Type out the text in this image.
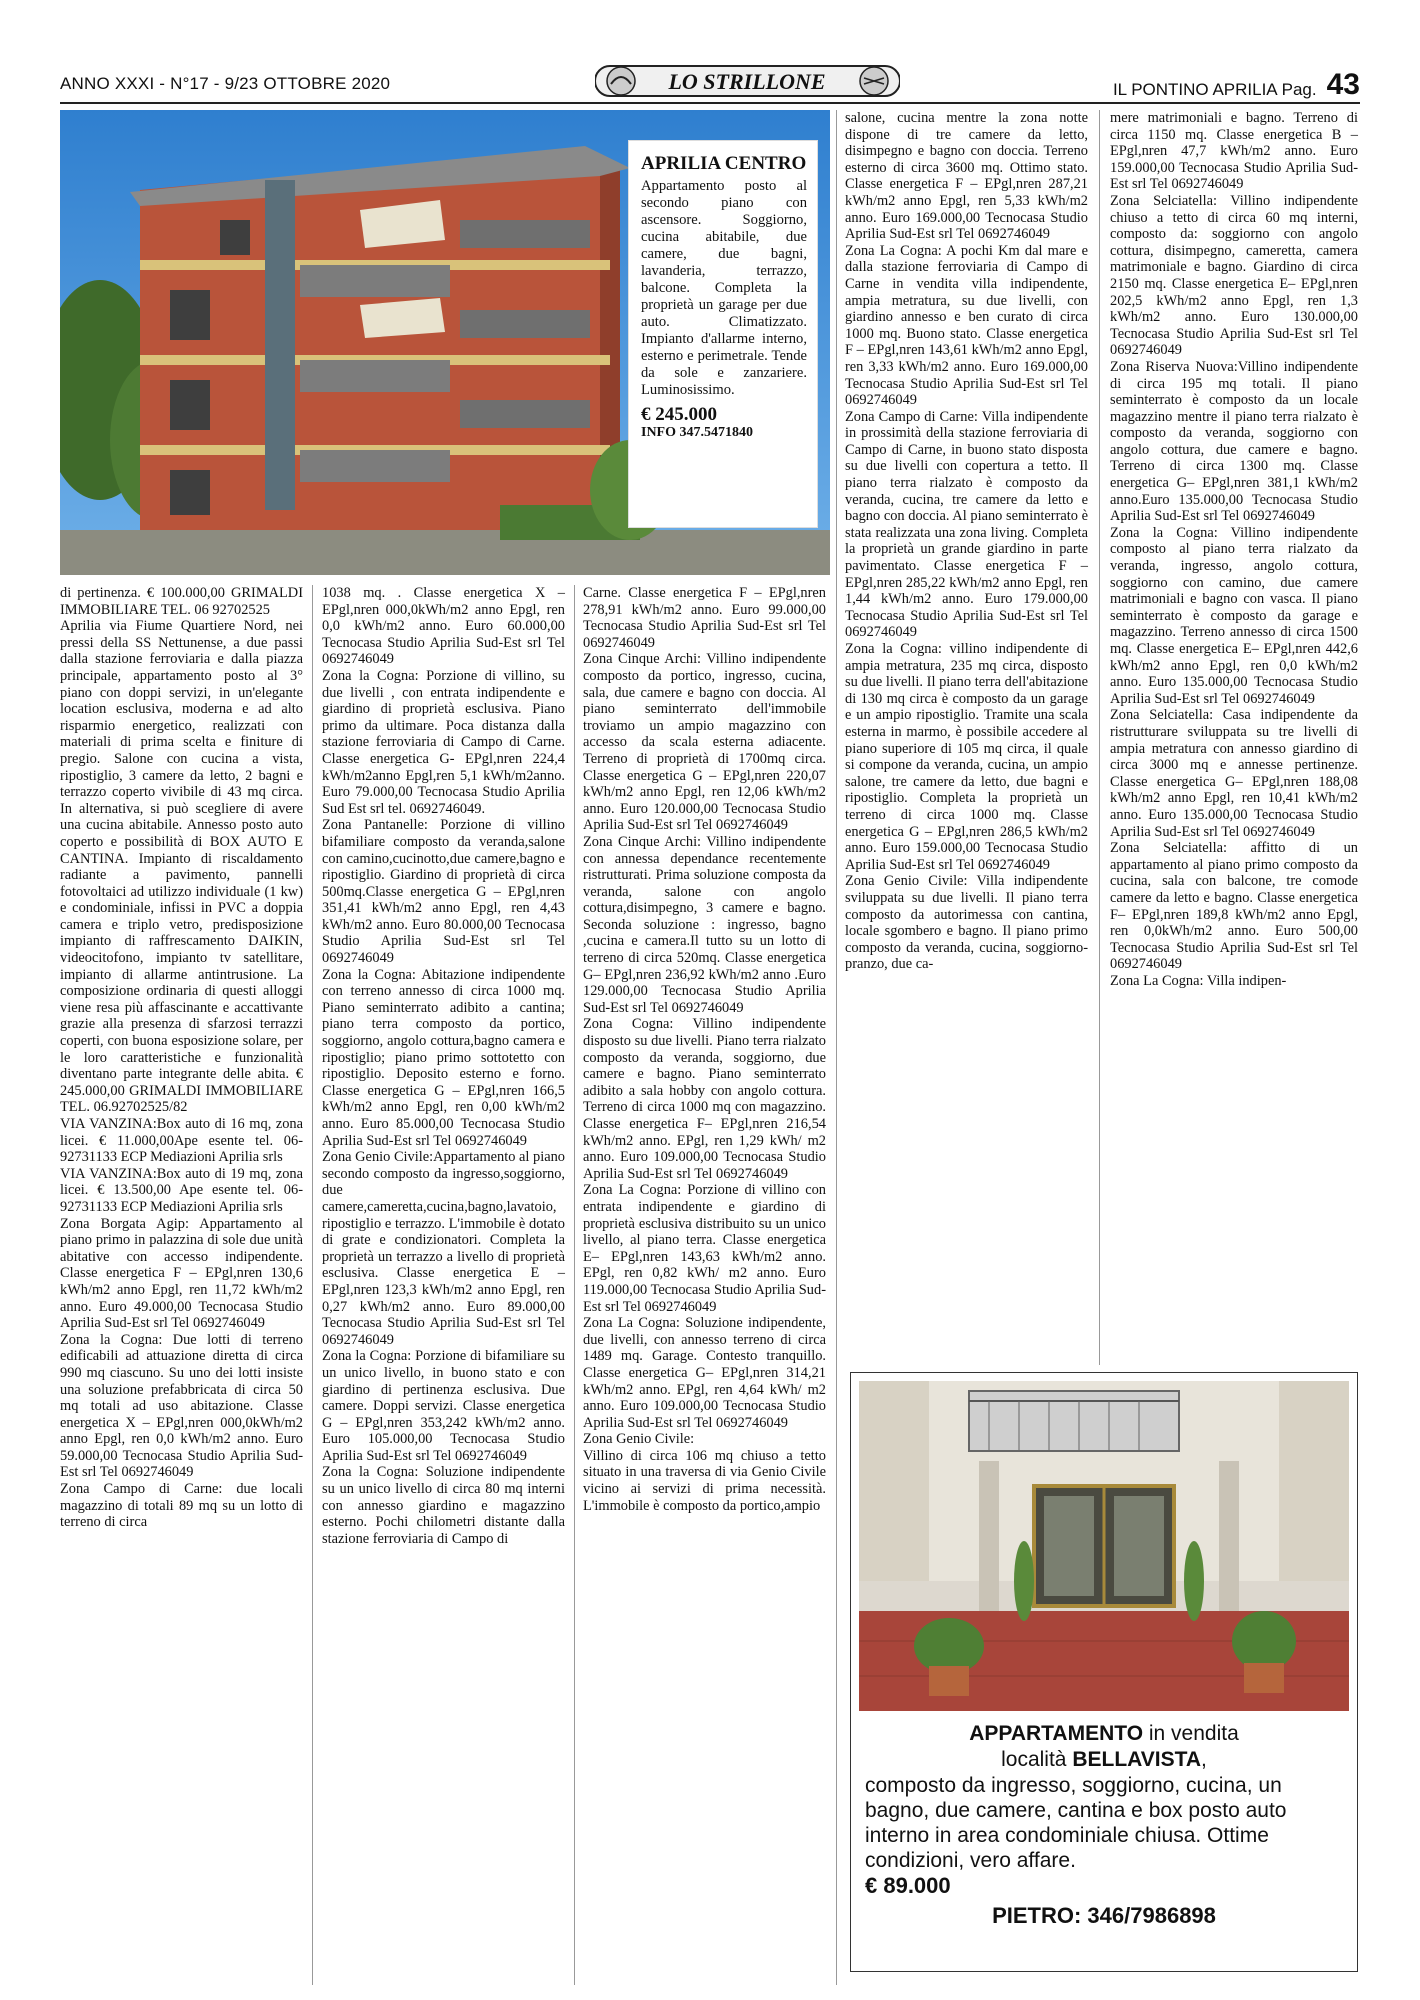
ANNO XXXI - N°17 - 9/23 OTTOBRE 2020	LO STRILLONE	IL PONTINO APRILIA Pag. 43
APRILIA CENTRO
Appartamento posto al secondo piano con ascensore. Soggiorno, cucina abitabile, due camere, due bagni, lavanderia, terrazzo, balcone. Completa la proprietà un garage per due auto. Climatizzato. Impianto d'allarme interno, esterno e perimetrale. Tende da sole e zanzariere. Luminosissimo.
€ 245.000
INFO 347.5471840

di pertinenza. € 100.000,00 GRIMALDI IMMOBILIARE TEL. 06 92702525

Aprilia via Fiume Quartiere Nord, nei pressi della SS Nettunense, a due passi dalla stazione ferroviaria e dalla piazza principale, appartamento posto al 3° piano con doppi servizi, in un'elegante location esclusiva, moderna e ad alto risparmio energetico, realizzati con materiali di prima scelta e finiture di pregio. Salone con cucina a vista, ripostiglio, 3 camere da letto, 2 bagni e terrazzo coperto vivibile di 43 mq circa. In alternativa, si può scegliere di avere una cucina abitabile. Annesso posto auto coperto e possibilità di BOX AUTO E CANTINA. Impianto di riscaldamento radiante a pavimento, pannelli fotovoltaici ad utilizzo individuale (1 kw) e condominiale, infissi in PVC a doppia camera e triplo vetro, predisposizione impianto di raffrescamento DAIKIN, videocitofono, impianto tv satellitare, impianto di allarme antintrusione. La composizione ordinaria di questi alloggi viene resa più affascinante e accattivante grazie alla presenza di sfarzosi terrazzi coperti, con buona esposizione solare, per le loro caratteristiche e funzionalità diventano parte integrante delle abita. € 245.000,00 GRIMALDI IMMOBILIARE TEL. 06.92702525/82

VIA VANZINA:Box auto di 16 mq, zona licei. € 11.000,00Ape esente tel. 06-92731133 ECP Mediazioni Aprilia srls

VIA VANZINA:Box auto di 19 mq, zona licei. € 13.500,00 Ape esente tel. 06-92731133 ECP Mediazioni Aprilia srls

Zona Borgata Agip: Appartamento al piano primo in palazzina di sole due unità abitative con accesso indipendente. Classe energetica F – EPgl,nren 130,6 kWh/m2 anno Epgl, ren 11,72 kWh/m2 anno. Euro 49.000,00 Tecnocasa Studio Aprilia Sud-Est srl Tel 0692746049

Zona la Cogna: Due lotti di terreno edificabili ad attuazione diretta di circa 990 mq ciascuno. Su uno dei lotti insiste una soluzione prefabbricata di circa 50 mq totali ad uso abitazione. Classe energetica X – EPgl,nren 000,0kWh/m2 anno Epgl, ren 0,0 kWh/m2 anno. Euro 59.000,00 Tecnocasa Studio Aprilia Sud-Est srl Tel 0692746049

Zona Campo di Carne: due locali magazzino di totali 89 mq su un lotto di terreno di circa

1038 mq. . Classe energetica X – EPgl,nren 000,0kWh/m2 anno Epgl, ren 0,0 kWh/m2 anno. Euro 60.000,00 Tecnocasa Studio Aprilia Sud-Est srl Tel 0692746049

Zona la Cogna: Porzione di villino, su due livelli , con entrata indipendente e giardino di proprietà esclusiva. Piano primo da ultimare. Poca distanza dalla stazione ferroviaria di Campo di Carne. Classe energetica G- EPgl,nren 224,4 kWh/m2anno Epgl,ren 5,1 kWh/m2anno. Euro 79.000,00 Tecnocasa Studio Aprilia Sud Est srl tel. 0692746049.

Zona Pantanelle: Porzione di villino bifamiliare composto da veranda,salone con camino,cucinotto,due camere,bagno e ripostiglio. Giardino di proprietà di circa 500mq.Classe energetica G – EPgl,nren 351,41 kWh/m2 anno Epgl, ren 4,43 kWh/m2 anno. Euro 80.000,00 Tecnocasa Studio Aprilia Sud-Est srl Tel 0692746049

Zona la Cogna: Abitazione indipendente con terreno annesso di circa 1000 mq. Piano seminterrato adibito a cantina; piano terra composto da portico, soggiorno, angolo cottura,bagno camera e ripostiglio; piano primo sottotetto con ripostiglio. Deposito esterno e forno. Classe energetica G – EPgl,nren 166,5 kWh/m2 anno Epgl, ren 0,00 kWh/m2 anno. Euro 85.000,00 Tecnocasa Studio Aprilia Sud-Est srl Tel 0692746049

Zona Genio Civile:Appartamento al piano secondo composto da ingresso,soggiorno, due camere,cameretta,cucina,bagno,lavatoio, ripostiglio e terrazzo. L'immobile è dotato di grate e condizionatori. Completa la proprietà un terrazzo a livello di proprietà esclusiva. Classe energetica E – EPgl,nren 123,3 kWh/m2 anno Epgl, ren 0,27 kWh/m2 anno. Euro 89.000,00 Tecnocasa Studio Aprilia Sud-Est srl Tel 0692746049

Zona la Cogna: Porzione di bifamiliare su un unico livello, in buono stato e con giardino di pertinenza esclusiva. Due camere. Doppi servizi. Classe energetica G – EPgl,nren 353,242 kWh/m2 anno. Euro 105.000,00 Tecnocasa Studio Aprilia Sud-Est srl Tel 0692746049

Zona la Cogna: Soluzione indipendente su un unico livello di circa 80 mq interni con annesso giardino e magazzino esterno. Pochi chilometri distante dalla stazione ferroviaria di Campo di

Carne. Classe energetica F – EPgl,nren 278,91 kWh/m2 anno. Euro 99.000,00 Tecnocasa Studio Aprilia Sud-Est srl Tel 0692746049

Zona Cinque Archi: Villino indipendente composto da portico, ingresso, cucina, sala, due camere e bagno con doccia. Al piano seminterrato dell'immobile troviamo un ampio magazzino con accesso da scala esterna adiacente. Terreno di proprietà di 1700mq circa. Classe energetica G – EPgl,nren 220,07 kWh/m2 anno Epgl, ren 12,06 kWh/m2 anno. Euro 120.000,00 Tecnocasa Studio Aprilia Sud-Est srl Tel 0692746049

Zona Cinque Archi: Villino indipendente con annessa dependance recentemente ristrutturati. Prima soluzione composta da veranda, salone con angolo cottura,disimpegno, 3 camere e bagno. Seconda soluzione : ingresso, bagno ,cucina e camera.Il tutto su un lotto di terreno di circa 520mq. Classe energetica G– EPgl,nren 236,92 kWh/m2 anno .Euro 129.000,00 Tecnocasa Studio Aprilia Sud-Est srl Tel 0692746049

Zona Cogna: Villino indipendente disposto su due livelli. Piano terra rialzato composto da veranda, soggiorno, due camere e bagno. Piano seminterrato adibito a sala hobby con angolo cottura. Terreno di circa 1000 mq con magazzino. Classe energetica F– EPgl,nren 216,54 kWh/m2 anno. EPgl, ren 1,29 kWh/ m2 anno. Euro 109.000,00 Tecnocasa Studio Aprilia Sud-Est srl Tel 0692746049

Zona La Cogna: Porzione di villino con entrata indipendente e giardino di proprietà esclusiva distribuito su un unico livello, al piano terra. Classe energetica E– EPgl,nren 143,63 kWh/m2 anno. EPgl, ren 0,82 kWh/ m2 anno. Euro 119.000,00 Tecnocasa Studio Aprilia Sud-Est srl Tel 0692746049

Zona La Cogna: Soluzione indipendente, due livelli, con annesso terreno di circa 1489 mq. Garage. Contesto tranquillo. Classe energetica G– EPgl,nren 314,21 kWh/m2 anno. EPgl, ren 4,64 kWh/ m2 anno. Euro 109.000,00 Tecnocasa Studio Aprilia Sud-Est srl Tel 0692746049

Zona Genio Civile:

Villino di circa 106 mq chiuso a tetto situato in una traversa di via Genio Civile vicino ai servizi di prima necessità. L'immobile è composto da portico,ampio

salone, cucina mentre la zona notte dispone di tre camere da letto, disimpegno e bagno con doccia. Terreno esterno di circa 3600 mq. Ottimo stato. Classe energetica F – EPgl,nren 287,21 kWh/m2 anno Epgl, ren 5,33 kWh/m2 anno. Euro 169.000,00 Tecnocasa Studio Aprilia Sud-Est srl Tel 0692746049

Zona La Cogna: A pochi Km dal mare e dalla stazione ferroviaria di Campo di Carne in vendita villa indipendente, ampia metratura, su due livelli, con giardino annesso e ben curato di circa 1000 mq. Buono stato. Classe energetica F – EPgl,nren 143,61 kWh/m2 anno Epgl, ren 3,33 kWh/m2 anno. Euro 169.000,00 Tecnocasa Studio Aprilia Sud-Est srl Tel 0692746049

Zona Campo di Carne: Villa indipendente in prossimità della stazione ferroviaria di Campo di Carne, in buono stato disposta su due livelli con copertura a tetto. Il piano terra rialzato è composto da veranda, cucina, tre camere da letto e bagno con doccia. Al piano seminterrato è stata realizzata una zona living. Completa la proprietà un grande giardino in parte pavimentato. Classe energetica F – EPgl,nren 285,22 kWh/m2 anno Epgl, ren 1,44 kWh/m2 anno. Euro 179.000,00 Tecnocasa Studio Aprilia Sud-Est srl Tel 0692746049

Zona la Cogna: villino indipendente di ampia metratura, 235 mq circa, disposto su due livelli. Il piano terra dell'abitazione di 130 mq circa è composto da un garage e un ampio ripostiglio. Tramite una scala esterna in marmo, è possibile accedere al piano superiore di 105 mq circa, il quale si compone da veranda, cucina, un ampio salone, tre camere da letto, due bagni e ripostiglio. Completa la proprietà un terreno di circa 1000 mq. Classe energetica G – EPgl,nren 286,5 kWh/m2 anno. Euro 159.000,00 Tecnocasa Studio Aprilia Sud-Est srl Tel 0692746049

Zona Genio Civile: Villa indipendente sviluppata su due livelli. Il piano terra composto da autorimessa con cantina, locale sgombero e bagno. Il piano primo composto da veranda, cucina, soggiorno-pranzo, due ca-

mere matrimoniali e bagno. Terreno di circa 1150 mq. Classe energetica B – EPgl,nren 47,7 kWh/m2 anno. Euro 159.000,00 Tecnocasa Studio Aprilia Sud-Est srl Tel 0692746049

Zona Selciatella: Villino indipendente chiuso a tetto di circa 60 mq interni, composto da: soggiorno con angolo cottura, disimpegno, cameretta, camera matrimoniale e bagno. Giardino di circa 2150 mq. Classe energetica E– EPgl,nren 202,5 kWh/m2 anno Epgl, ren 1,3 kWh/m2 anno. Euro 130.000,00 Tecnocasa Studio Aprilia Sud-Est srl Tel 0692746049

Zona Riserva Nuova:Villino indipendente di circa 195 mq totali. Il piano seminterrato è composto da un locale magazzino mentre il piano terra rialzato è composto da veranda, soggiorno con angolo cottura, due camere e bagno. Terreno di circa 1300 mq. Classe energetica G– EPgl,nren 381,1 kWh/m2 anno.Euro 135.000,00 Tecnocasa Studio Aprilia Sud-Est srl Tel 0692746049

Zona la Cogna: Villino indipendente composto al piano terra rialzato da veranda, ingresso, angolo cottura, soggiorno con camino, due camere matrimoniali e bagno con vasca. Il piano seminterrato è composto da garage e magazzino. Terreno annesso di circa 1500 mq. Classe energetica E– EPgl,nren 442,6 kWh/m2 anno Epgl, ren 0,0 kWh/m2 anno. Euro 135.000,00 Tecnocasa Studio Aprilia Sud-Est srl Tel 0692746049

Zona Selciatella: Casa indipendente da ristrutturare sviluppata su tre livelli di ampia metratura con annesso giardino di circa 3000 mq e annesse pertinenze. Classe energetica G– EPgl,nren 188,08 kWh/m2 anno Epgl, ren 10,41 kWh/m2 anno. Euro 135.000,00 Tecnocasa Studio Aprilia Sud-Est srl Tel 0692746049

Zona Selciatella: affitto di un appartamento al piano primo composto da cucina, sala con balcone, tre comode camere da letto e bagno. Classe energetica F– EPgl,nren 189,8 kWh/m2 anno Epgl, ren 0,0kWh/m2 anno. Euro 500,00 Tecnocasa Studio Aprilia Sud-Est srl Tel 0692746049

Zona La Cogna: Villa indipen-

APPARTAMENTO in vendita
località BELLAVISTA,
composto da ingresso, soggiorno, cucina, un bagno, due camere, cantina e box posto auto interno in area condominiale chiusa. Ottime condizioni, vero affare.
€ 89.000
PIETRO: 346/7986898
